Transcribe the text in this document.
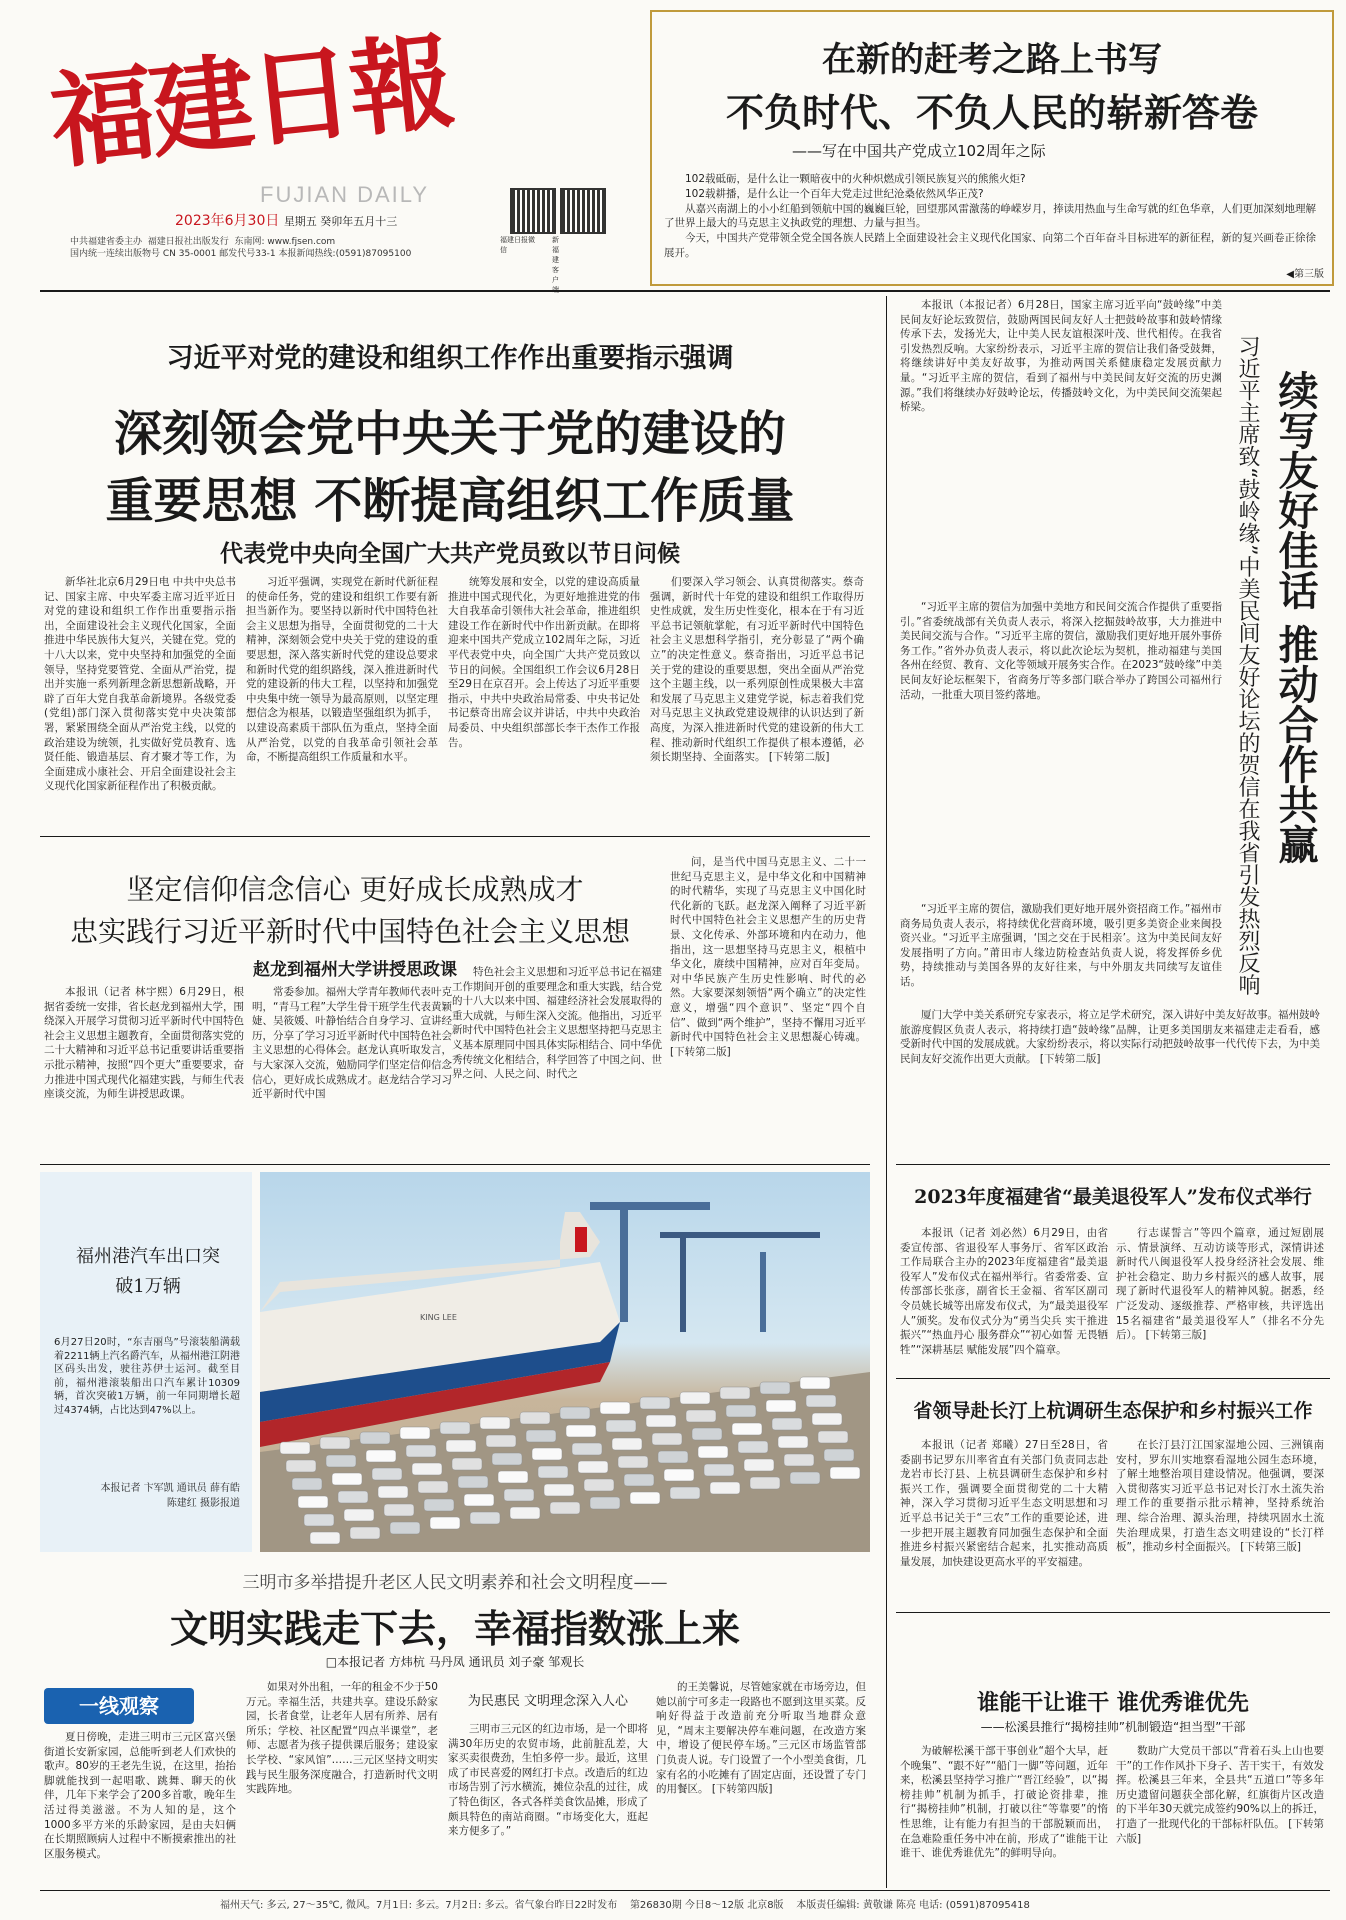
福建日報
FUJIAN DAILY
2023年6月30日 星期五 癸卯年五月十三
中共福建省委主办 福建日报社出版发行 东南网: www.fjsen.com
国内统一连续出版物号 CN 35-0001 邮发代号33-1 本报新闻热线:(0591)87095100
福建日报微信
新福建客户
在新的赶考之路上书写
不负时代、不负人民的崭新答卷
——写在中国共产党成立102周年之际

102载砥砺，是什么让一颗暗夜中的火种炽燃成引领民族复兴的熊熊火炬?

102载耕播，是什么让一个百年大党走过世纪沧桑依然风华正茂?

从嘉兴南湖上的小小红船到领航中国的巍巍巨轮，回望那风雷激荡的峥嵘岁月，捧读用热血与生命写就的红色华章，人们更加深刻地理解了世界上最大的马克思主义执政党的理想、力量与担当。

今天，中国共产党带领全党全国各族人民踏上全面建设社会主义现代化国家、向第二个百年奋斗目标进军的新征程，新的复兴画卷正徐徐展开。

◀第三版
习近平对党的建设和组织工作作出重要指示强调
深刻领会党中央关于党的建设的
重要思想 不断提高组织工作质量
代表党中央向全国广大共产党员致以节日问候

新华社北京6月29日电 中共中央总书记、国家主席、中央军委主席习近平近日对党的建设和组织工作作出重要指示指出，全面建设社会主义现代化国家，全面推进中华民族伟大复兴，关键在党。党的十八大以来，党中央坚持和加强党的全面领导，坚持党要管党、全面从严治党，提出并实施一系列新理念新思想新战略，开辟了百年大党自我革命新境界。各级党委(党组)部门深入贯彻落实党中央决策部署，紧紧围绕全面从严治党主线，以党的政治建设为统领，扎实做好党员教育、选贤任能、锻造基层、育才聚才等工作，为全面建成小康社会、开启全面建设社会主义现代化国家新征程作出了积极贡献。

习近平强调，实现党在新时代新征程的使命任务，党的建设和组织工作要有新担当新作为。要坚持以新时代中国特色社会主义思想为指导，全面贯彻党的二十大精神，深刻领会党中央关于党的建设的重要思想，深入落实新时代党的建设总要求和新时代党的组织路线，深入推进新时代党的建设新的伟大工程，以坚持和加强党中央集中统一领导为最高原则，以坚定理想信念为根基，以锻造坚强组织为抓手，以建设高素质干部队伍为重点，坚持全面从严治党，以党的自我革命引领社会革命，不断提高组织工作质量和水平。

统筹发展和安全，以党的建设高质量推进中国式现代化，为更好地推进党的伟大自我革命引领伟大社会革命，推进组织建设工作在新时代中作出新贡献。在即将迎来中国共产党成立102周年之际，习近平代表党中央，向全国广大共产党员致以节日的问候。全国组织工作会议6月28日至29日在京召开。会上传达了习近平重要指示，中共中央政治局常委、中央书记处书记蔡奇出席会议并讲话，中共中央政治局委员、中央组织部部长李干杰作工作报告。

们要深入学习领会、认真贯彻落实。蔡奇强调，新时代十年党的建设和组织工作取得历史性成就，发生历史性变化，根本在于有习近平总书记领航掌舵，有习近平新时代中国特色社会主义思想科学指引，充分彰显了“两个确立”的决定性意义。蔡奇指出，习近平总书记关于党的建设的重要思想，突出全面从严治党这个主题主线，以一系列原创性成果极大丰富和发展了马克思主义建党学说，标志着我们党对马克思主义执政党建设规律的认识达到了新高度，为深入推进新时代党的建设新的伟大工程、推动新时代组织工作提供了根本遵循，必须长期坚持、全面落实。 [下转第二版]

坚定信仰信念信心 更好成长成熟成才
忠实践行习近平新时代中国特色社会主义思想
赵龙到福州大学讲授思政课

本报讯（记者 林宇熙）6月29日，根据省委统一安排，省长赵龙到福州大学，围绕深入开展学习贯彻习近平新时代中国特色社会主义思想主题教育，全面贯彻落实党的二十大精神和习近平总书记重要讲话重要指示批示精神，按照“四个更大”重要要求，奋力推进中国式现代化福建实践，与师生代表座谈交流，为师生讲授思政课。

常委参加。福州大学青年教师代表叶克明，“青马工程”大学生骨干班学生代表黄颖婕、吴筱媛、叶静怡结合自身学习、宣讲经历，分享了学习习近平新时代中国特色社会主义思想的心得体会。赵龙认真听取发言，与大家深入交流，勉励同学们坚定信仰信念信心，更好成长成熟成才。赵龙结合学习习近平新时代中国

特色社会主义思想和习近平总书记在福建工作期间开创的重要理念和重大实践，结合党的十八大以来中国、福建经济社会发展取得的重大成就，与师生深入交流。他指出，习近平新时代中国特色社会主义思想坚持把马克思主义基本原理同中国具体实际相结合、同中华优秀传统文化相结合，科学回答了中国之问、世界之问、人民之问、时代之

问，是当代中国马克思主义、二十一世纪马克思主义，是中华文化和中国精神的时代精华，实现了马克思主义中国化时代化新的飞跃。赵龙深入阐释了习近平新时代中国特色社会主义思想产生的历史背景、文化传承、外部环境和内在动力，他指出，这一思想坚持马克思主义，根植中华文化，赓续中国精神，应对百年变局。对中华民族产生历史性影响、时代的必然。大家要深刻领悟“两个确立”的决定性意义，增强“四个意识”、坚定“四个自信”、做到“两个维护”，坚持不懈用习近平新时代中国特色社会主义思想凝心铸魂。 [下转第二版]

福州港汽车出口突破1万辆
6月27日20时，“东吉丽鸟”号滚装船满载着2211辆上汽名爵汽车，从福州港江阴港区码头出发，驶往苏伊士运河。截至目前，福州港滚装船出口汽车累计10309辆，首次突破1万辆，前一年同期增长超过4374辆，占比达到47%以上。
本报记者 卞军凯 通讯员 薛有皓 陈建红 摄影报道
KING LEE
三明市多举措提升老区人民文明素养和社会文明程度——
文明实践走下去，幸福指数涨上来
□本报记者 方炜杭 马丹凤 通讯员 刘子豪 邹观长
一线观察

夏日傍晚，走进三明市三元区富兴堡街道长安新家园，总能听到老人们欢快的歌声。80岁的王老先生说，在这里，抬抬脚就能找到一起唱歌、跳舞、聊天的伙伴，几年下来学会了200多首歌，晚年生活过得美滋滋。不为人知的是，这个1000多平方米的乐龄家园，是由夫妇俩在长期照顾病人过程中不断摸索推出的社区服务模式。

如果对外出租，一年的租金不少于50万元。幸福生活，共建共享。建设乐龄家园，长者食堂，让老年人居有所养、居有所乐；学校、社区配置“四点半课堂”，老师、志愿者为孩子提供课后服务；建设家长学校、“家风馆”……三元区坚持文明实践与民生服务深度融合，打造新时代文明实践阵地。

为民惠民 文明理念深入人心

三明市三元区的红边市场，是一个即将满30年历史的农贸市场，此前脏乱差，大家买卖很费劲，生怕多停一步。最近，这里成了市民喜爱的网红打卡点。改造后的红边市场告别了污水横流，摊位杂乱的过往，成了特色街区，各式各样美食饮品摊，形成了颇具特色的南站商圈。“市场变化大，逛起来方便多了。”

的王美馨说，尽管她家就在市场旁边，但她以前宁可多走一段路也不愿到这里买菜。反响好得益于改造前充分听取当地群众意见，“周末主要解决停车难问题，在改造方案中，增设了便民停车场。”三元区市场监管部门负责人说。专门设置了一个小型美食街，几家有名的小吃摊有了固定店面，还设置了专门的用餐区。 [下转第四版]

本报讯（本报记者）6月28日，国家主席习近平向“鼓岭缘”中美民间友好论坛致贺信，鼓励两国民间友好人士把鼓岭故事和鼓岭情缘传承下去，发扬光大，让中美人民友谊根深叶茂、世代相传。在我省引发热烈反响。大家纷纷表示，习近平主席的贺信让我们备受鼓舞，将继续讲好中美友好故事，为推动两国关系健康稳定发展贡献力量。“习近平主席的贺信，看到了福州与中美民间友好交流的历史渊源。”我们将继续办好鼓岭论坛，传播鼓岭文化，为中美民间交流架起桥梁。

“习近平主席的贺信为加强中美地方和民间交流合作提供了重要指引。”省委统战部有关负责人表示，将深入挖掘鼓岭故事，大力推进中美民间交流与合作。“习近平主席的贺信，激励我们更好地开展外事侨务工作。”省外办负责人表示，将以此次论坛为契机，推动福建与美国各州在经贸、教育、文化等领域开展务实合作。在2023“鼓岭缘”中美民间友好论坛框架下，省商务厅等多部门联合举办了跨国公司福州行活动，一批重大项目签约落地。

“习近平主席的贺信，激励我们更好地开展外资招商工作。”福州市商务局负责人表示，将持续优化营商环境，吸引更多美资企业来闽投资兴业。“习近平主席强调，‘国之交在于民相亲’。这为中美民间友好发展指明了方向。”莆田市人缘边防检查站负责人说，将发挥侨乡优势，持续推动与美国各界的友好往来，与中外朋友共同续写友谊佳话。

厦门大学中美关系研究专家表示，将立足学术研究，深入讲好中美友好故事。福州鼓岭旅游度假区负责人表示，将持续打造“鼓岭缘”品牌，让更多美国朋友来福建走走看看，感受新时代中国的发展成就。大家纷纷表示，将以实际行动把鼓岭故事一代代传下去，为中美民间友好交流作出更大贡献。 [下转第二版]

续写友好佳话 推动合作共赢
习近平主席致“鼓岭缘”中美民间友好论坛的贺信在我省引发热烈反响
2023年度福建省“最美退役军人”发布仪式举行

本报讯（记者 刘必然）6月29日，由省委宣传部、省退役军人事务厅、省军区政治工作局联合主办的2023年度福建省“最美退役军人”发布仪式在福州举行。省委常委、宣传部部长张彦，副省长王金福、省军区副司令员姚长城等出席发布仪式，为“最美退役军人”颁奖。发布仪式分为“勇当尖兵 实干推进振兴”“热血丹心 服务群众”“初心如誓 无畏牺牲”“深耕基层 赋能发展”四个篇章。

行志谋誓言”等四个篇章，通过短剧展示、情景演绎、互动访谈等形式，深情讲述新时代八闽退役军人投身经济社会发展、维护社会稳定、助力乡村振兴的感人故事，展现了新时代退役军人的精神风貌。据悉，经广泛发动、逐级推荐、严格审核，共评选出15名福建省“最美退役军人”（排名不分先后）。 [下转第三版]

省领导赴长汀上杭调研生态保护和乡村振兴工作

本报讯（记者 郑曦）27日至28日，省委副书记罗东川率省直有关部门负责同志赴龙岩市长汀县、上杭县调研生态保护和乡村振兴工作，强调要全面贯彻党的二十大精神，深入学习贯彻习近平生态文明思想和习近平总书记关于“三农”工作的重要论述，进一步把开展主题教育同加强生态保护和全面推进乡村振兴紧密结合起来，扎实推动高质量发展，加快建设更高水平的平安福建。

在长汀县汀江国家湿地公园、三洲镇南安村，罗东川实地察看湿地公园生态环境，了解土地整治项目建设情况。他强调，要深入贯彻落实习近平总书记对长汀水土流失治理工作的重要指示批示精神，坚持系统治理、综合治理、源头治理，持续巩固水土流失治理成果，打造生态文明建设的“长汀样板”，推动乡村全面振兴。 [下转第三版]

谁能干让谁干 谁优秀谁优先
——松溪县推行“揭榜挂帅”机制锻造“担当型”干部

为破解松溪干部干事创业“超个大早，赶个晚集”、“跟不好”“船门一脚”等问题，近年来，松溪县坚持学习推广“晋江经验”，以“揭榜挂帅”机制为抓手，打破论资排辈，推行“揭榜挂帅”机制，打破以往“等靠要”的惰性思维，让有能力有担当的干部脱颖而出，在急难险重任务中冲在前，形成了“谁能干让谁干、谁优秀谁优先”的鲜明导向。

数助广大党员干部以“背着石头上山也要干”的工作作风扑下身子、苦干实干，有效发挥。松溪县三年来，全县共“五道口”等多年历史遗留问题获全部化解，红旗街片区改造的下半年30天就完成签约90%以上的拆迁，打造了一批现代化的干部标杆队伍。 [下转第六版]

福州天气: 多云, 27～35℃, 微风。7月1日: 多云。7月2日: 多云。省气象台昨日22时发布 第26830期 今日8～12版 北京8版 本版责任编辑: 黄敬谦 陈亮 电话: (0591)87095418
